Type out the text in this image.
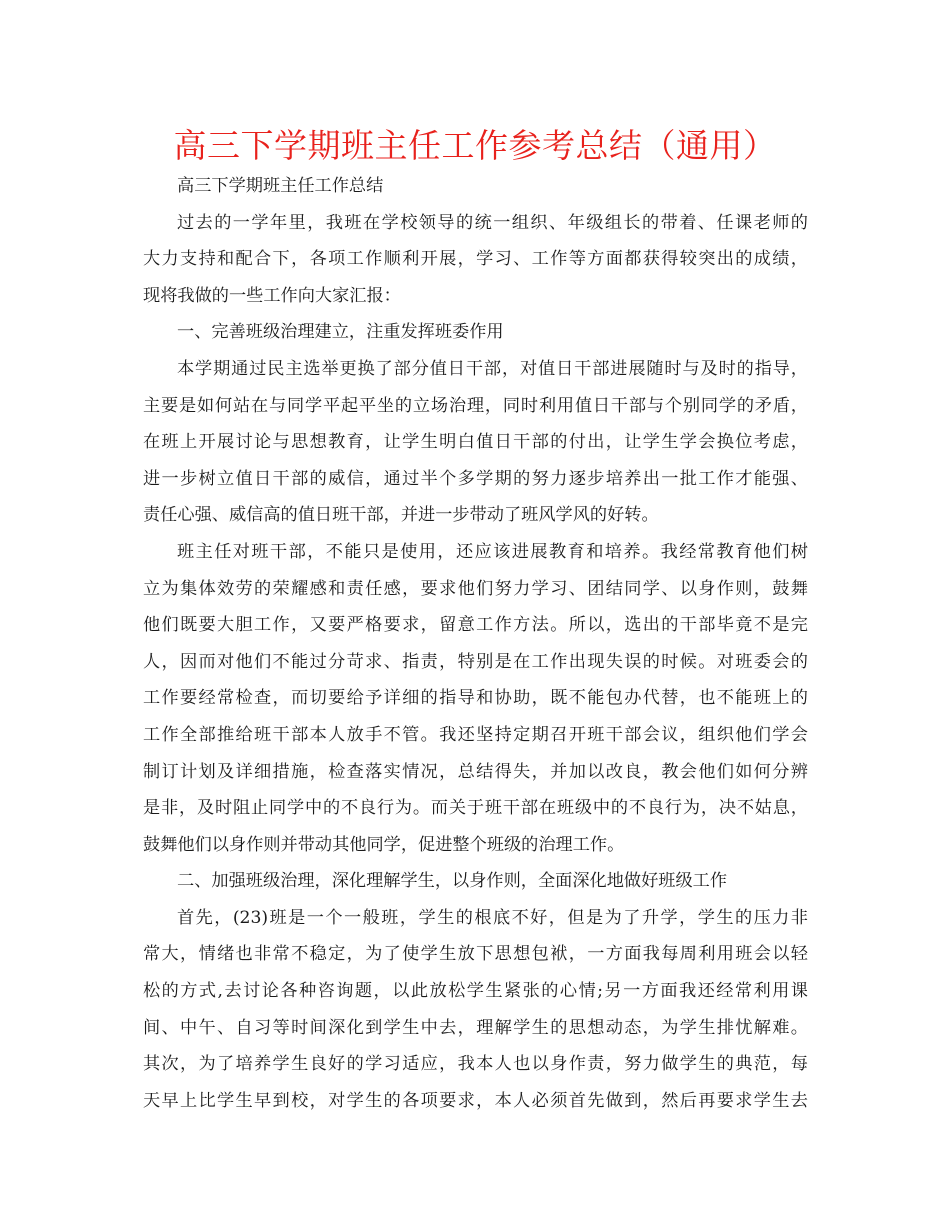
高三下学期班主任工作参考总结（通用）
高三下学期班主任工作总结
过去的一学年里，我班在学校领导的统一组织、年级组长的带着、任课老师的
大力支持和配合下，各项工作顺利开展，学习、工作等方面都获得较突出的成绩，
现将我做的一些工作向大家汇报：
一、完善班级治理建立，注重发挥班委作用
本学期通过民主选举更换了部分值日干部，对值日干部进展随时与及时的指导，
主要是如何站在与同学平起平坐的立场治理，同时利用值日干部与个别同学的矛盾，
在班上开展讨论与思想教育，让学生明白值日干部的付出，让学生学会换位考虑，
进一步树立值日干部的威信，通过半个多学期的努力逐步培养出一批工作才能强、
责任心强、威信高的值日班干部，并进一步带动了班风学风的好转。
班主任对班干部，不能只是使用，还应该进展教育和培养。我经常教育他们树
立为集体效劳的荣耀感和责任感，要求他们努力学习、团结同学、以身作则，鼓舞
他们既要大胆工作，又要严格要求，留意工作方法。所以，选出的干部毕竟不是完
人，因而对他们不能过分苛求、指责，特别是在工作出现失误的时候。对班委会的
工作要经常检查，而切要给予详细的指导和协助，既不能包办代替，也不能班上的
工作全部推给班干部本人放手不管。我还坚持定期召开班干部会议，组织他们学会
制订计划及详细措施，检查落实情况，总结得失，并加以改良，教会他们如何分辨
是非，及时阻止同学中的不良行为。而关于班干部在班级中的不良行为，决不姑息，
鼓舞他们以身作则并带动其他同学，促进整个班级的治理工作。
二、加强班级治理，深化理解学生，以身作则，全面深化地做好班级工作
首先，(23)班是一个一般班，学生的根底不好，但是为了升学，学生的压力非
常大，情绪也非常不稳定，为了使学生放下思想包袱，一方面我每周利用班会以轻
松的方式,去讨论各种咨询题，以此放松学生紧张的心情;另一方面我还经常利用课
间、中午、自习等时间深化到学生中去，理解学生的思想动态，为学生排忧解难。
其次，为了培养学生良好的学习适应，我本人也以身作责，努力做学生的典范，每
天早上比学生早到校，对学生的各项要求，本人必须首先做到，然后再要求学生去
